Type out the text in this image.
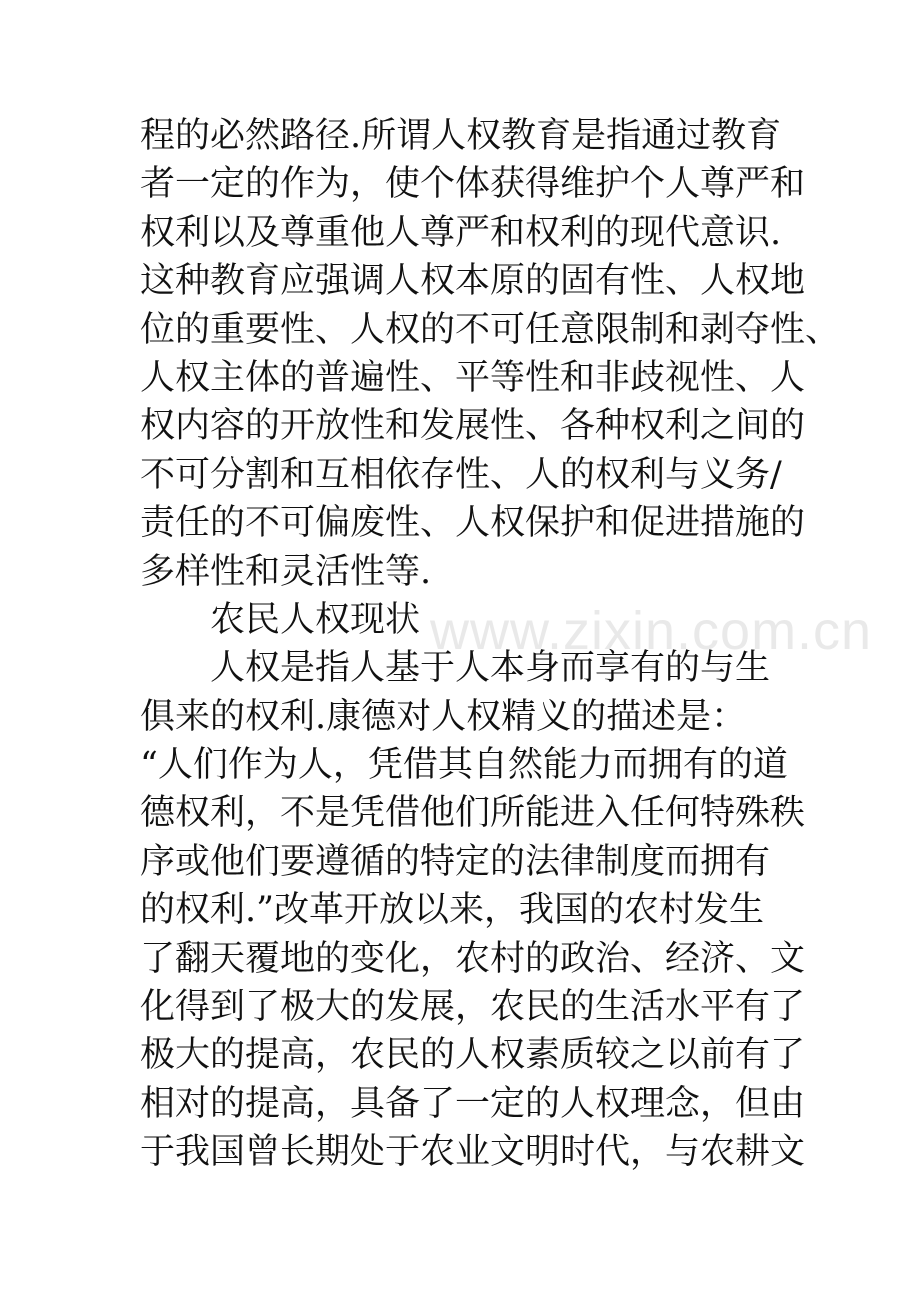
www.zixin.com.cn
程的必然路径.所谓人权教育是指通过教育
者一定的作为，使个体获得维护个人尊严和
权利以及尊重他人尊严和权利的现代意识.
这种教育应强调人权本原的固有性、人权地
位的重要性、人权的不可任意限制和剥夺性、
人权主体的普遍性、平等性和非歧视性、人
权内容的开放性和发展性、各种权利之间的
不可分割和互相依存性、人的权利与义务/
责任的不可偏废性、人权保护和促进措施的
多样性和灵活性等.
农民人权现状
人权是指人基于人本身而享有的与生
俱来的权利.康德对人权精义的描述是：
“人们作为人，凭借其自然能力而拥有的道
德权利，不是凭借他们所能进入任何特殊秩
序或他们要遵循的特定的法律制度而拥有
的权利.”改革开放以来，我国的农村发生
了翻天覆地的变化，农村的政治、经济、文
化得到了极大的发展，农民的生活水平有了
极大的提高，农民的人权素质较之以前有了
相对的提高，具备了一定的人权理念，但由
于我国曾长期处于农业文明时代，与农耕文
